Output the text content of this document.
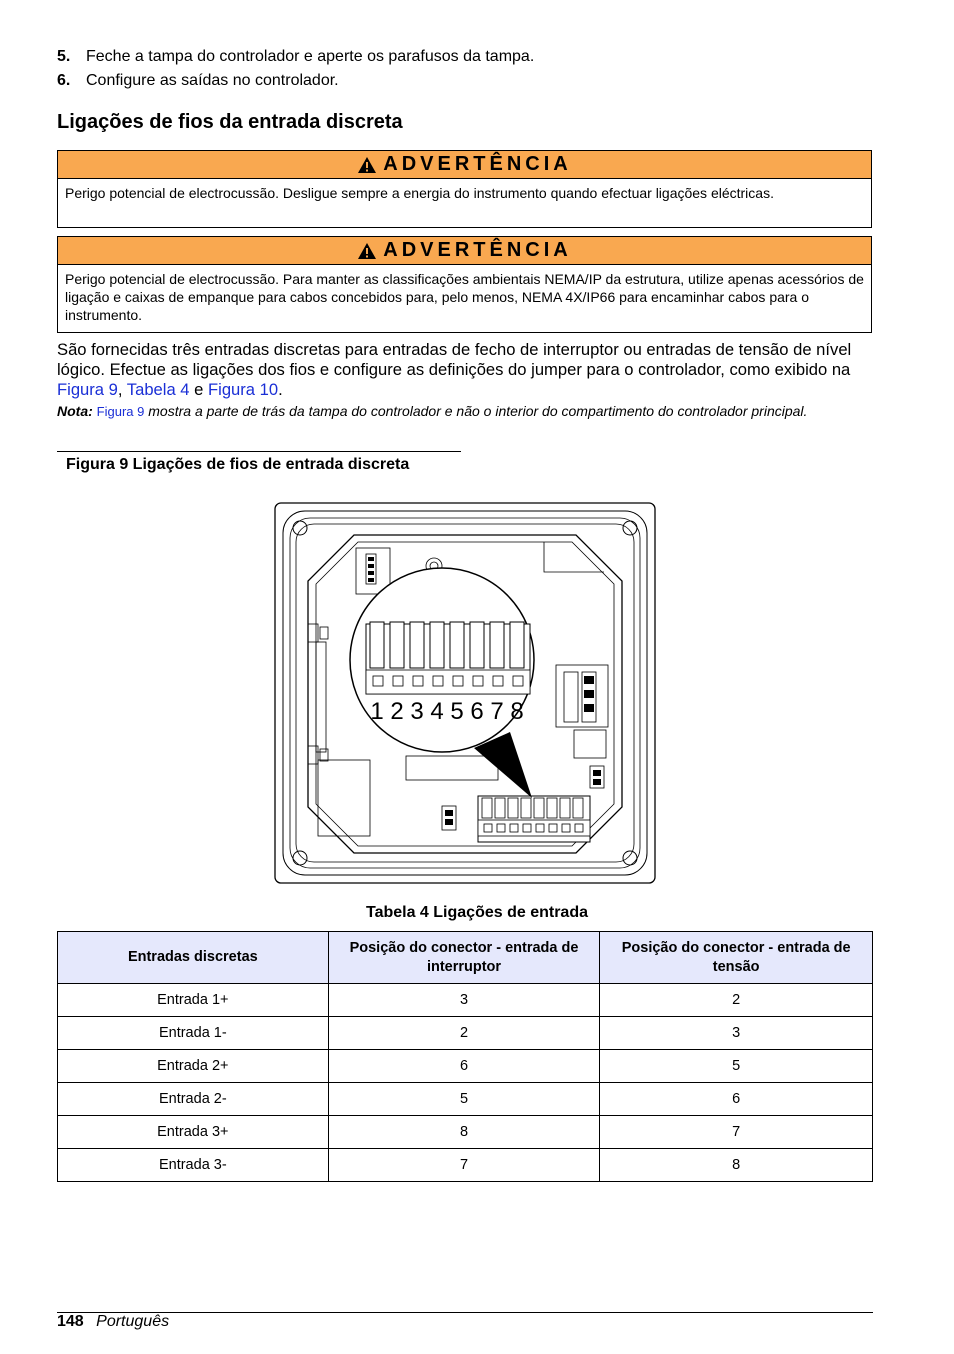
5. Feche a tampa do controlador e aperte os parafusos da tampa.
6. Configure as saídas no controlador.
Ligações de fios da entrada discreta
ADVERTÊNCIA
Perigo potencial de electrocussão. Desligue sempre a energia do instrumento quando efectuar ligações eléctricas.
ADVERTÊNCIA
Perigo potencial de electrocussão. Para manter as classificações ambientais NEMA/IP da estrutura, utilize apenas acessórios de ligação e caixas de empanque para cabos concebidos para, pelo menos, NEMA 4X/IP66 para encaminhar cabos para o instrumento.

São fornecidas três entradas discretas para entradas de fecho de interruptor ou entradas de tensão de nível lógico. Efectue as ligações dos fios e configure as definições do jumper para o controlador, como exibido na Figura 9, Tabela 4 e Figura 10.

Nota: Figura 9 mostra a parte de trás da tampa do controlador e não o interior do compartimento do controlador principal.

Figura 9 Ligações de fios de entrada discreta
1 2 3 4 5 6 7 8
Tabela 4 Ligações de entrada
Entradas discretas	Posição do conector - entrada de interruptor	Posição do conector - entrada de tensão
Entrada 1+	3	2
Entrada 1-	2	3
Entrada 2+	6	5
Entrada 2-	5	6
Entrada 3+	8	7
Entrada 3-	7	8
148 Português
